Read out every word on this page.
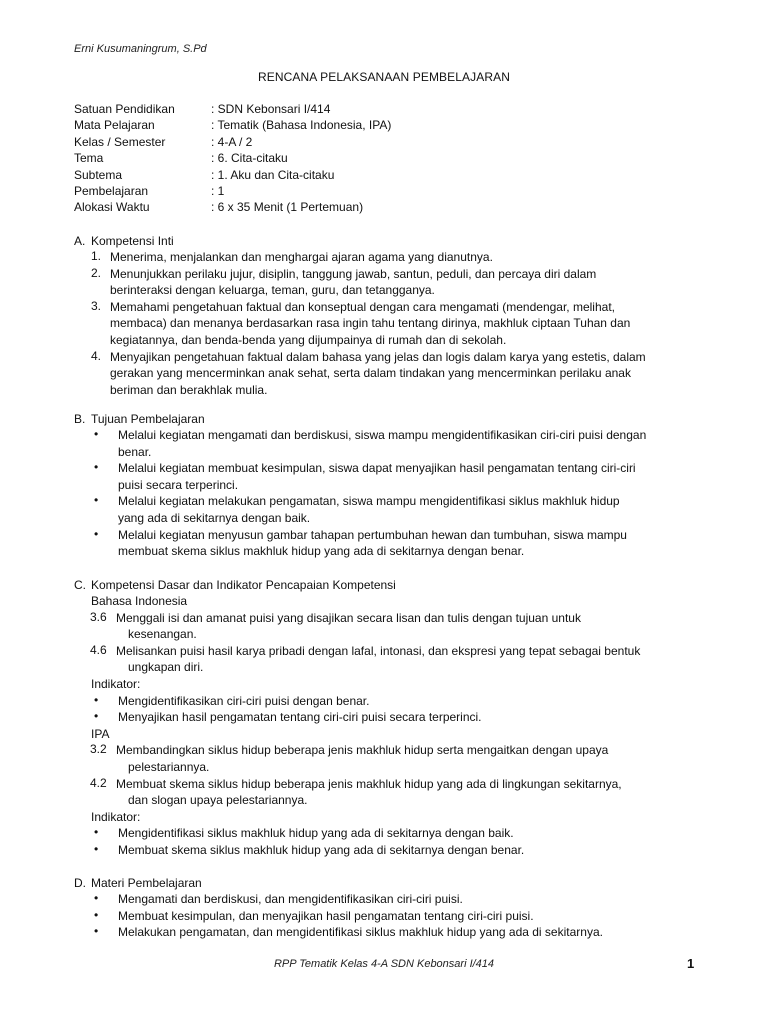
Erni Kusumaningrum, S.Pd
RENCANA PELAKSANAAN PEMBELAJARAN
Satuan Pendidikan	: SDN Kebonsari I/414
Mata Pelajaran	: Tematik (Bahasa Indonesia, IPA)
Kelas / Semester	: 4-A / 2
Tema	: 6. Cita-citaku
Subtema	: 1. Aku dan Cita-citaku
Pembelajaran	: 1
Alokasi Waktu	: 6 x 35 Menit (1 Pertemuan)
A. Kompetensi Inti
1. Menerima, menjalankan dan menghargai ajaran agama yang dianutnya.
2. Menunjukkan perilaku jujur, disiplin, tanggung jawab, santun, peduli, dan percaya diri dalam
berinteraksi dengan keluarga, teman, guru, dan tetangganya.
3. Memahami pengetahuan faktual dan konseptual dengan cara mengamati (mendengar, melihat,
membaca) dan menanya berdasarkan rasa ingin tahu tentang dirinya, makhluk ciptaan Tuhan dan
kegiatannya, dan benda-benda yang dijumpainya di rumah dan di sekolah.
4. Menyajikan pengetahuan faktual dalam bahasa yang jelas dan logis dalam karya yang estetis, dalam
gerakan yang mencerminkan anak sehat, serta dalam tindakan yang mencerminkan perilaku anak
beriman dan berakhlak mulia.
B. Tujuan Pembelajaran
• Melalui kegiatan mengamati dan berdiskusi, siswa mampu mengidentifikasikan ciri-ciri puisi dengan
benar.
• Melalui kegiatan membuat kesimpulan, siswa dapat menyajikan hasil pengamatan tentang ciri-ciri
puisi secara terperinci.
• Melalui kegiatan melakukan pengamatan, siswa mampu mengidentifikasi siklus makhluk hidup
yang ada di sekitarnya dengan baik.
• Melalui kegiatan menyusun gambar tahapan pertumbuhan hewan dan tumbuhan, siswa mampu
membuat skema siklus makhluk hidup yang ada di sekitarnya dengan benar.
C. Kompetensi Dasar dan Indikator Pencapaian Kompetensi
Bahasa Indonesia
3.6 Menggali isi dan amanat puisi yang disajikan secara lisan dan tulis dengan tujuan untuk
kesenangan.
4.6 Melisankan puisi hasil karya pribadi dengan lafal, intonasi, dan ekspresi yang tepat sebagai bentuk
ungkapan diri.
Indikator:
• Mengidentifikasikan ciri-ciri puisi dengan benar.
• Menyajikan hasil pengamatan tentang ciri-ciri puisi secara terperinci.
IPA
3.2 Membandingkan siklus hidup beberapa jenis makhluk hidup serta mengaitkan dengan upaya
pelestariannya.
4.2 Membuat skema siklus hidup beberapa jenis makhluk hidup yang ada di lingkungan sekitarnya,
dan slogan upaya pelestariannya.
Indikator:
• Mengidentifikasi siklus makhluk hidup yang ada di sekitarnya dengan baik.
• Membuat skema siklus makhluk hidup yang ada di sekitarnya dengan benar.
D. Materi Pembelajaran
• Mengamati dan berdiskusi, dan mengidentifikasikan ciri-ciri puisi.
• Membuat kesimpulan, dan menyajikan hasil pengamatan tentang ciri-ciri puisi.
• Melakukan pengamatan, dan mengidentifikasi siklus makhluk hidup yang ada di sekitarnya.
RPP Tematik Kelas 4-A SDN Kebonsari I/414	1
